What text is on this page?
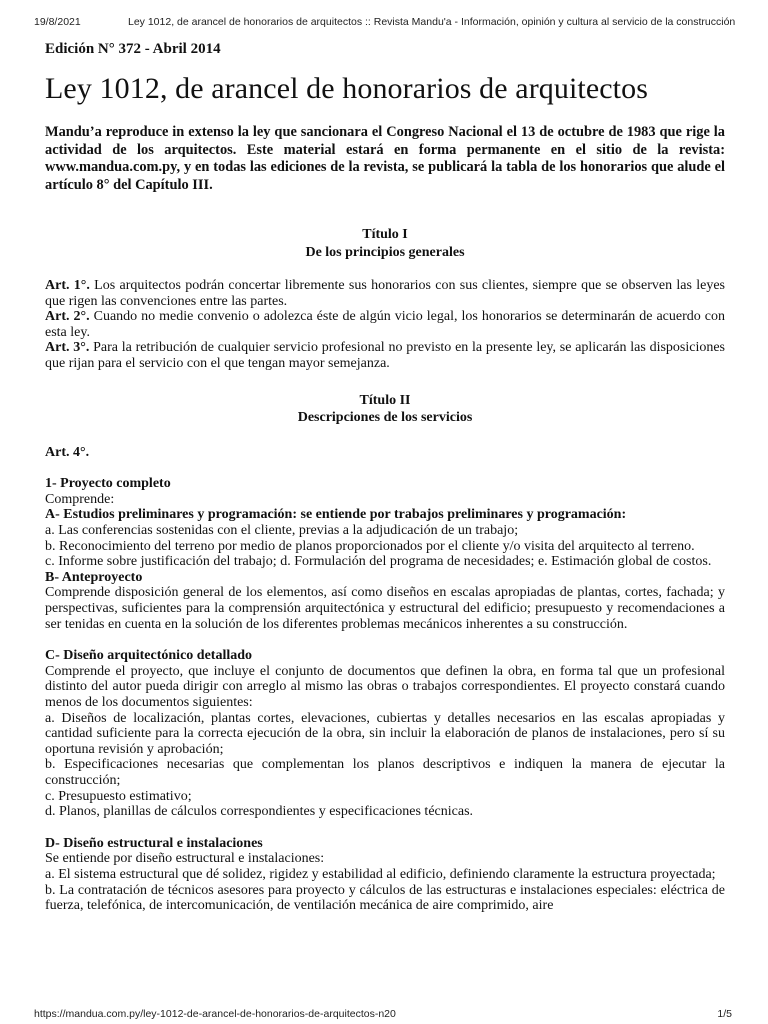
19/8/2021	Ley 1012, de arancel de honorarios de arquitectos :: Revista Mandu'a - Información, opinión y cultura al servicio de la construcción

Edición N° 372 - Abril 2014

Ley 1012, de arancel de honorarios de arquitectos

Mandu’a reproduce in extenso la ley que sancionara el Congreso Nacional el 13 de octubre de 1983 que rige la actividad de los arquitectos. Este material estará en forma permanente en el sitio de la revista: www.mandua.com.py, y en todas las ediciones de la revista, se publicará la tabla de los honorarios que alude el artículo 8° del Capítulo III.

Título I
De los principios generales

Art. 1°. Los arquitectos podrán concertar libremente sus honorarios con sus clientes, siempre que se observen las leyes que rigen las convenciones entre las partes.

Art. 2°. Cuando no medie convenio o adolezca éste de algún vicio legal, los honorarios se determinarán de acuerdo con esta ley.

Art. 3°. Para la retribución de cualquier servicio profesional no previsto en la presente ley, se aplicarán las disposiciones que rijan para el servicio con el que tengan mayor semejanza.

Título II
Descripciones de los servicios

Art. 4°.

1- Proyecto completo

Comprende:

A- Estudios preliminares y programación: se entiende por trabajos preliminares y programación:

a. Las conferencias sostenidas con el cliente, previas a la adjudicación de un trabajo;

b. Reconocimiento del terreno por medio de planos proporcionados por el cliente y/o visita del arquitecto al terreno.

c. Informe sobre justificación del trabajo; d. Formulación del programa de necesidades; e. Estimación global de costos.

B- Anteproyecto

Comprende disposición general de los elementos, así como diseños en escalas apropiadas de plantas, cortes, fachada; y perspectivas, suficientes para la comprensión arquitectónica y estructural del edificio; presupuesto y recomendaciones a ser tenidas en cuenta en la solución de los diferentes problemas mecánicos inherentes a su construcción.

C- Diseño arquitectónico detallado

Comprende el proyecto, que incluye el conjunto de documentos que definen la obra, en forma tal que un profesional distinto del autor pueda dirigir con arreglo al mismo las obras o trabajos correspondientes. El proyecto constará cuando menos de los documentos siguientes:

a. Diseños de localización, plantas cortes, elevaciones, cubiertas y detalles necesarios en las escalas apropiadas y cantidad suficiente para la correcta ejecución de la obra, sin incluir la elaboración de planos de instalaciones, pero sí su oportuna revisión y aprobación;

b. Especificaciones necesarias que complementan los planos descriptivos e indiquen la manera de ejecutar la construcción;

c. Presupuesto estimativo;

d. Planos, planillas de cálculos correspondientes y especificaciones técnicas.

D- Diseño estructural e instalaciones

Se entiende por diseño estructural e instalaciones:

a. El sistema estructural que dé solidez, rigidez y estabilidad al edificio, definiendo claramente la estructura proyectada;

b. La contratación de técnicos asesores para proyecto y cálculos de las estructuras e instalaciones especiales: eléctrica de fuerza, telefónica, de intercomunicación, de ventilación mecánica de aire comprimido, aire

https://mandua.com.py/ley-1012-de-arancel-de-honorarios-de-arquitectos-n20	1/5
